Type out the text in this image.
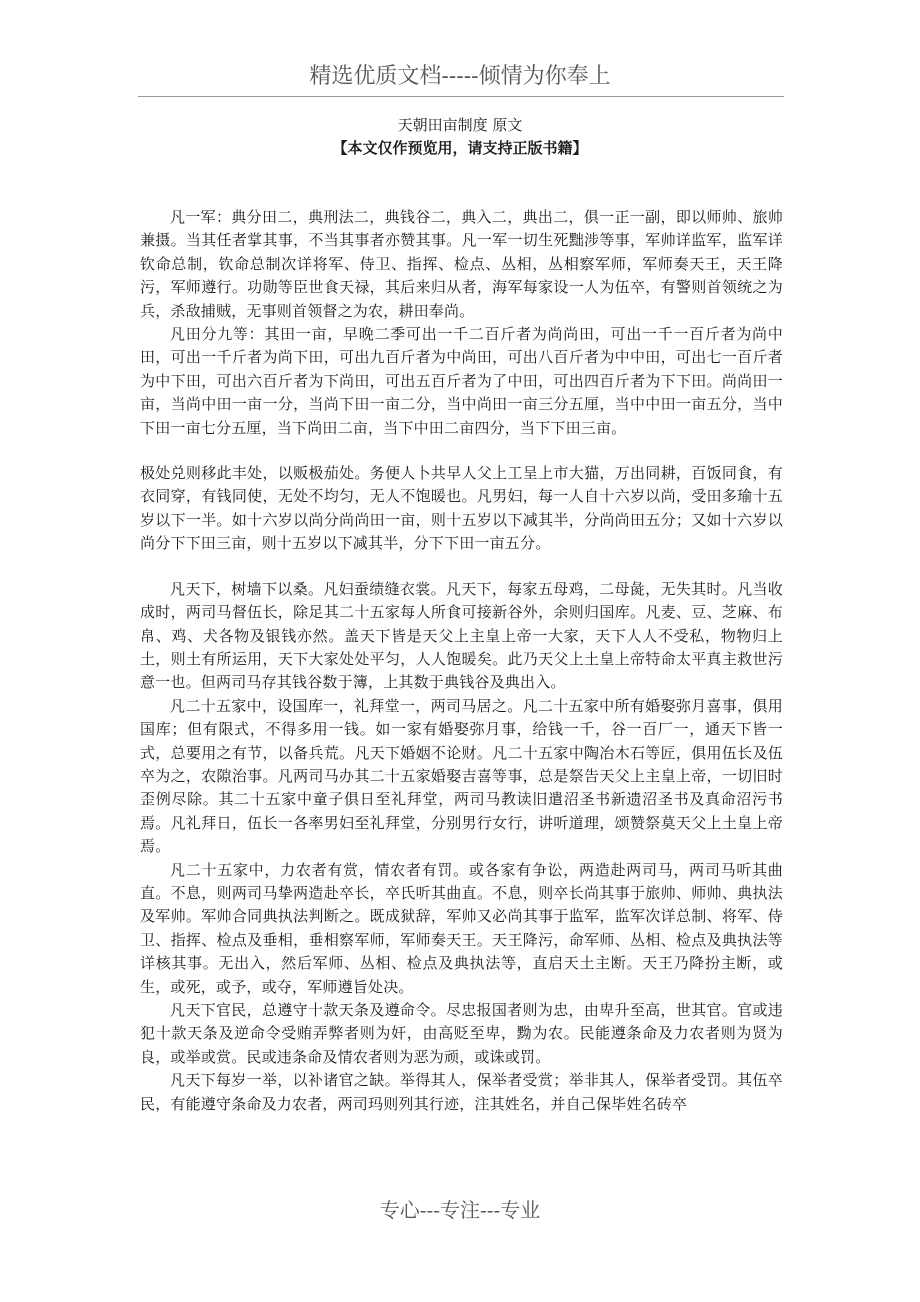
精选优质文档-----倾情为你奉上
天朝田亩制度 原文
【本文仅作预览用，请支持正版书籍】

凡一军：典分田二，典刑法二，典钱谷二，典入二，典出二，俱一正一副，即以师帅、旅帅兼摄。当其任者掌其事，不当其事者亦赞其事。凡一军一切生死黜涉等事，军帅详监军，监军详钦命总制，钦命总制次详将军、侍卫、指挥、检点、丛相，丛相察军师，军师奏天王，天王降污，军师遵行。功勋等臣世食天禄，其后来归从者，海军每家设一人为伍卒，有警则首领统之为兵，杀敌捕贼，无事则首领督之为农，耕田奉尚。

凡田分九等：其田一亩，早晚二季可出一千二百斤者为尚尚田，可出一千一百斤者为尚中田，可出一千斤者为尚下田，可出九百斤者为中尚田，可出八百斤者为中中田，可出七一百斤者为中下田，可出六百斤者为下尚田，可出五百斤者为了中田，可出四百斤者为下下田。尚尚田一亩，当尚中田一亩一分，当尚下田一亩二分，当中尚田一亩三分五厘，当中中田一亩五分，当中下田一亩七分五厘，当下尚田二亩，当下中田二亩四分，当下下田三亩。

极处兑则移此丰处，以贩极茄处。务便人卜共早人父上工呈上市大猫，万出同耕，百饭同食，有衣同穿，有钱同使，无处不均匀，无人不饱暖也。凡男妇，每一人自十六岁以尚，受田多瑜十五岁以下一半。如十六岁以尚分尚尚田一亩，则十五岁以下减其半，分尚尚田五分；又如十六岁以尚分下下田三亩，则十五岁以下减其半，分下下田一亩五分。

凡天下，树墙下以桑。凡妇蚕绩缝衣裳。凡天下，每家五母鸡，二母彘，无失其时。凡当收成时，两司马督伍长，除足其二十五家每人所食可接新谷外，余则归国库。凡麦、豆、芝麻、布帛、鸡、犬各物及银钱亦然。盖天下皆是天父上主皇上帝一大家，天下人人不受私，物物归上土，则土有所运用，天下大家处处平匀，人人饱暖矣。此乃天父上土皇上帝特命太平真主救世污意一也。但两司马存其钱谷数于簿，上其数于典钱谷及典出入。

凡二十五家中，设国库一，礼拜堂一，两司马居之。凡二十五家中所有婚娶弥月喜事，俱用国库；但有限式，不得多用一钱。如一家有婚娶弥月事，给钱一千，谷一百厂一，通天下皆一式，总要用之有节，以备兵荒。凡天下婚姻不论财。凡二十五家中陶冶木石等匠，俱用伍长及伍卒为之，农隙治事。凡两司马办其二十五家婚娶吉喜等事，总是祭告天父上主皇上帝，一切旧时歪例尽除。其二十五家中童子俱日至礼拜堂，两司马教读旧遣沼圣书新遗沼圣书及真命沼污书焉。凡礼拜日，伍长一各率男妇至礼拜堂，分别男行女行，讲听道理，颂赞祭莫天父上土皇上帝焉。

凡二十五家中，力农者有赏，情农者有罚。或各家有争讼，两造赴两司马，两司马听其曲直。不息，则两司马挚两造赴卒长，卒氏听其曲直。不息，则卒长尚其事于旅帅、师帅、典执法及军帅。军帅合同典执法判断之。既成狱辞，军帅又必尚其事于监军，监军次详总制、将军、侍卫、指挥、检点及垂相，垂相察军师，军师奏天王。天王降污，命军师、丛相、检点及典执法等详核其事。无出入，然后军师、丛相、检点及典执法等，直启天土主断。天王乃降扮主断，或生，或死，或予，或夺，军师遵旨处决。

凡天下官民，总遵守十款天条及遵命令。尽忠报国者则为忠，由卑升至高，世其官。官或违犯十款天条及逆命令受贿弄弊者则为奸，由高贬至卑，黝为农。民能遵条命及力农者则为贤为良，或举或赏。民或违条命及情农者则为恶为顽，或诛或罚。

凡天下每岁一举，以补诸官之缺。举得其人，保举者受赏；举非其人，保举者受罚。其伍卒民，有能遵守条命及力农者，两司玛则列其行迹，注其姓名，并自己保毕姓名砖卒

专心---专注---专业
